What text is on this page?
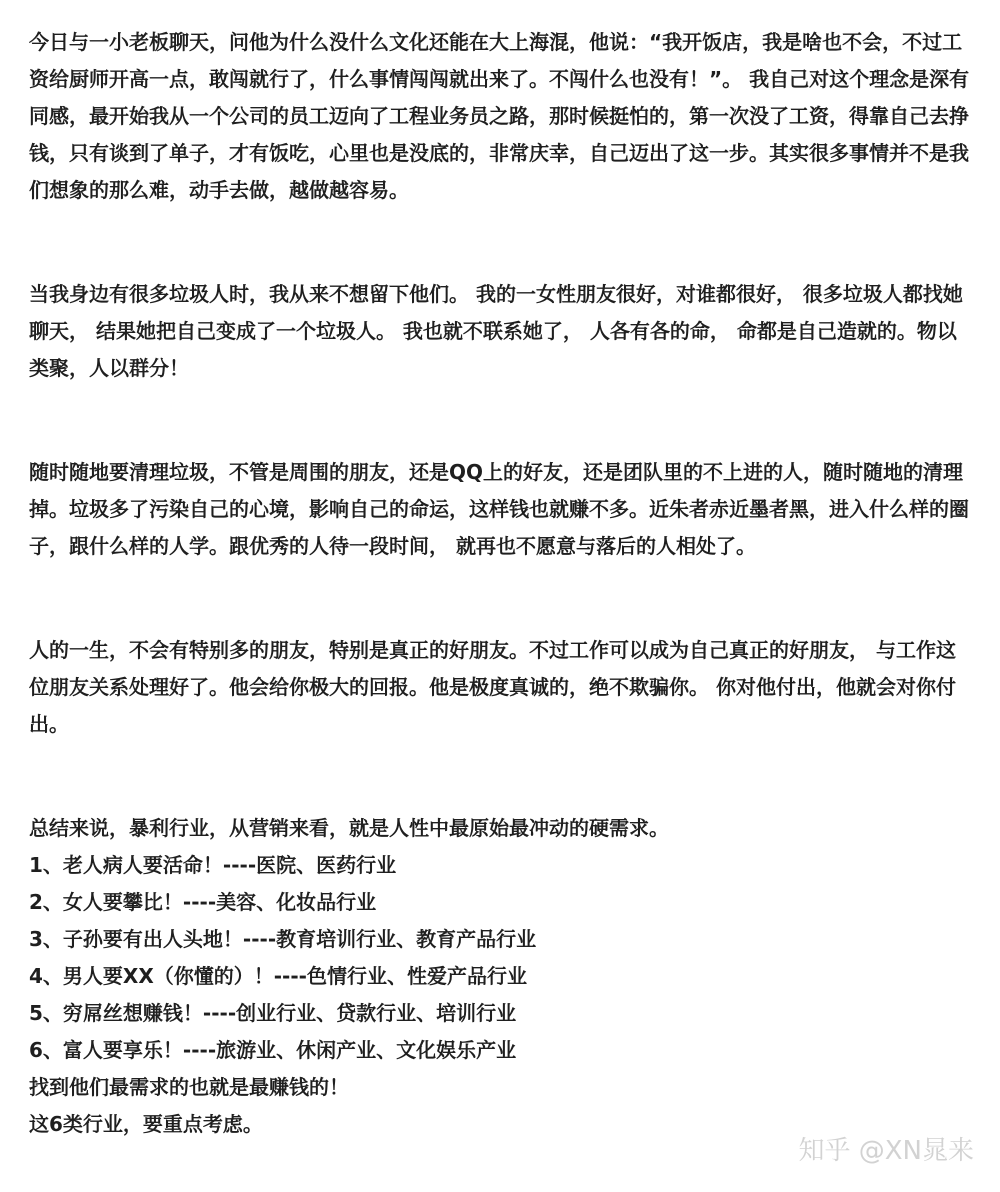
今日与一小老板聊天，问他为什么没什么文化还能在大上海混，他说：“我开饭店，我是啥也不会，不过工资给厨师开高一点，敢闯就行了，什么事情闯闯就出来了。不闯什么也没有！”。 我自己对这个理念是深有同感，最开始我从一个公司的员工迈向了工程业务员之路，那时候挺怕的，第一次没了工资，得靠自己去挣钱，只有谈到了单子，才有饭吃，心里也是没底的，非常庆幸，自己迈出了这一步。其实很多事情并不是我们想象的那么难，动手去做，越做越容易。

当我身边有很多垃圾人时，我从来不想留下他们。 我的一女性朋友很好，对谁都很好， 很多垃圾人都找她聊天， 结果她把自己变成了一个垃圾人。 我也就不联系她了， 人各有各的命， 命都是自己造就的。物以类聚，人以群分！

随时随地要清理垃圾，不管是周围的朋友，还是QQ上的好友，还是团队里的不上进的人，随时随地的清理掉。垃圾多了污染自己的心境，影响自己的命运，这样钱也就赚不多。近朱者赤近墨者黑，进入什么样的圈子，跟什么样的人学。跟优秀的人待一段时间， 就再也不愿意与落后的人相处了。

人的一生，不会有特别多的朋友，特别是真正的好朋友。不过工作可以成为自己真正的好朋友， 与工作这位朋友关系处理好了。他会给你极大的回报。他是极度真诚的，绝不欺骗你。 你对他付出，他就会对你付出。

总结来说，暴利行业，从营销来看，就是人性中最原始最冲动的硬需求。
1、老人病人要活命！----医院、医药行业
2、女人要攀比！----美容、化妆品行业
3、子孙要有出人头地！----教育培训行业、教育产品行业
4、男人要XX（你懂的）！----色情行业、性爱产品行业
5、穷屌丝想赚钱！----创业行业、贷款行业、培训行业
6、富人要享乐！----旅游业、休闲产业、文化娱乐产业
找到他们最需求的也就是最赚钱的！
这6类行业，要重点考虑。
知乎 @XN晁来
